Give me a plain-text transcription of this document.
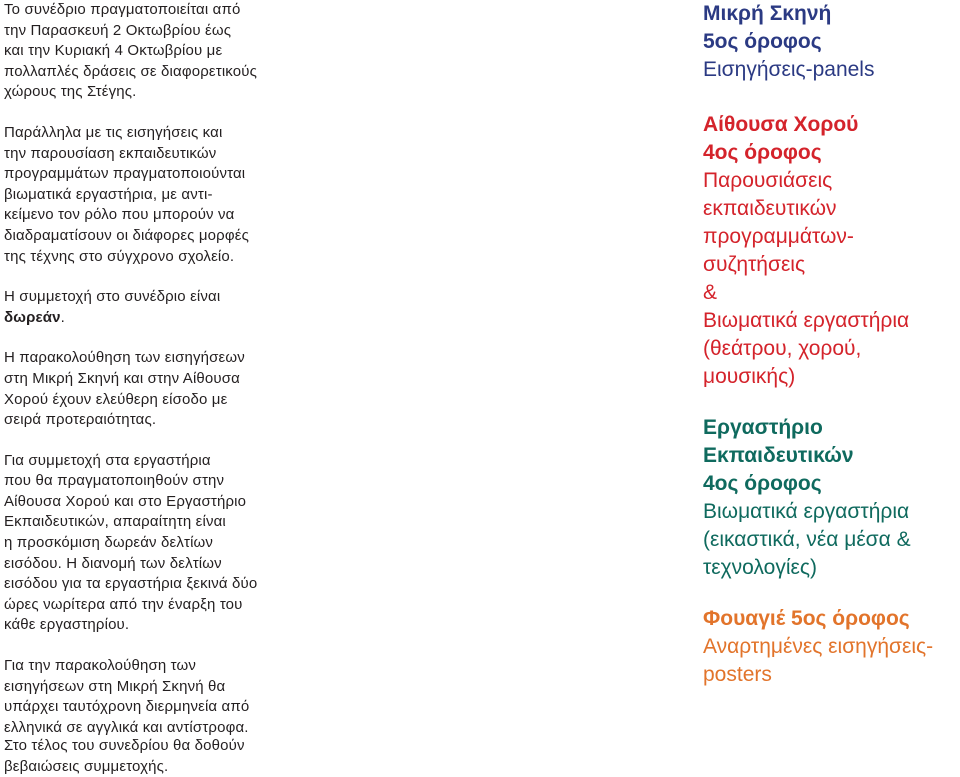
Το συνέδριο πραγματοποιείται από
την Παρασκευή 2 Οκτωβρίου έως
και την Κυριακή 4 Οκτωβρίου με
πολλαπλές δράσεις σε διαφορετικούς
χώρους της Στέγης.

Παράλληλα με τις εισηγήσεις και
την παρουσίαση εκπαιδευτικών
προγραμμάτων πραγματοποιούνται
βιωματικά εργαστήρια, με αντι-
κείμενο τον ρόλο που μπορούν να
διαδραματίσουν οι διάφορες μορφές
της τέχνης στο σύγχρονο σχολείο.

Η συμμετοχή στο συνέδριο είναι
δωρεάν.

Η παρακολούθηση των εισηγήσεων
στη Μικρή Σκηνή και στην Αίθουσα
Χορού έχουν ελεύθερη είσοδο με
σειρά προτεραιότητας.

Για συμμετοχή στα εργαστήρια
που θα πραγματοποιηθούν στην
Αίθουσα Χορού και στο Εργαστήριο
Εκπαιδευτικών, απαραίτητη είναι
η προσκόμιση δωρεάν δελτίων
εισόδου. Η διανομή των δελτίων
εισόδου για τα εργαστήρια ξεκινά δύο
ώρες νωρίτερα από την έναρξη του
κάθε εργαστηρίου.

Για την παρακολούθηση των
εισηγήσεων στη Μικρή Σκηνή θα
υπάρχει ταυτόχρονη διερμηνεία από
ελληνικά σε αγγλικά και αντίστροφα.

Στο τέλος του συνεδρίου θα δοθούν
βεβαιώσεις συμμετοχής.
Μικρή Σκηνή
5ος όροφος
Εισηγήσεις-panels
Αίθουσα Χορού
4ος όροφος
Παρουσιάσεις
εκπαιδευτικών
προγραμμάτων-
συζητήσεις
&
Βιωματικά εργαστήρια
(θεάτρου, χορού,
μουσικής)
Εργαστήριο
Εκπαιδευτικών
4ος όροφος
Βιωματικά εργαστήρια
(εικαστικά, νέα μέσα &
τεχνολογίες)
Φουαγιέ 5ος όροφος
Αναρτημένες εισηγήσεις-
posters
